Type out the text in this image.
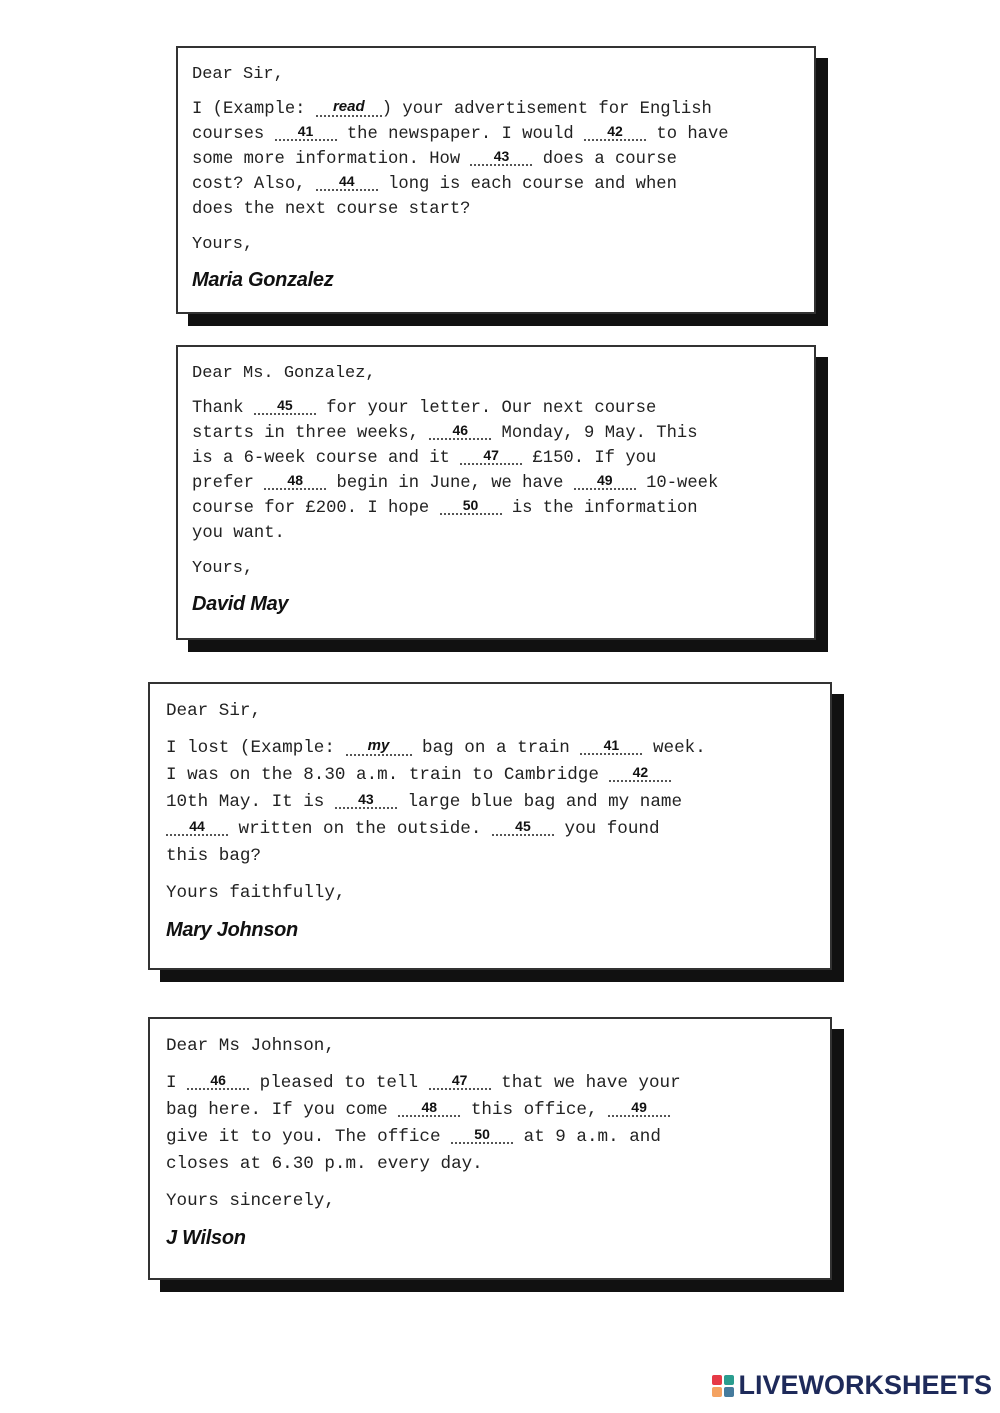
Dear Sir,
I (Example: read ) your advertisement for English
courses 41 the newspaper. I would 42 to have
some more information. How 43 does a course
cost? Also, 44 long is each course and when
does the next course start?
Yours,
Maria Gonzalez
Dear Ms. Gonzalez,
Thank 45 for your letter. Our next course
starts in three weeks, 46 Monday, 9 May. This
is a 6-week course and it 47 £150. If you
prefer 48 begin in June, we have 49 10-week
course for £200. I hope 50 is the information
you want.
Yours,
David May
Dear Sir,
I lost (Example: my bag on a train 41 week.
I was on the 8.30 a.m. train to Cambridge 42
10th May. It is 43 large blue bag and my name
44 written on the outside. 45 you found
this bag?
Yours faithfully,
Mary Johnson
Dear Ms Johnson,
I 46 pleased to tell 47 that we have your
bag here. If you come 48 this office, 49
give it to you. The office 50 at 9 a.m. and
closes at 6.30 p.m. every day.
Yours sincerely,
J Wilson
LIVEWORKSHEETS
